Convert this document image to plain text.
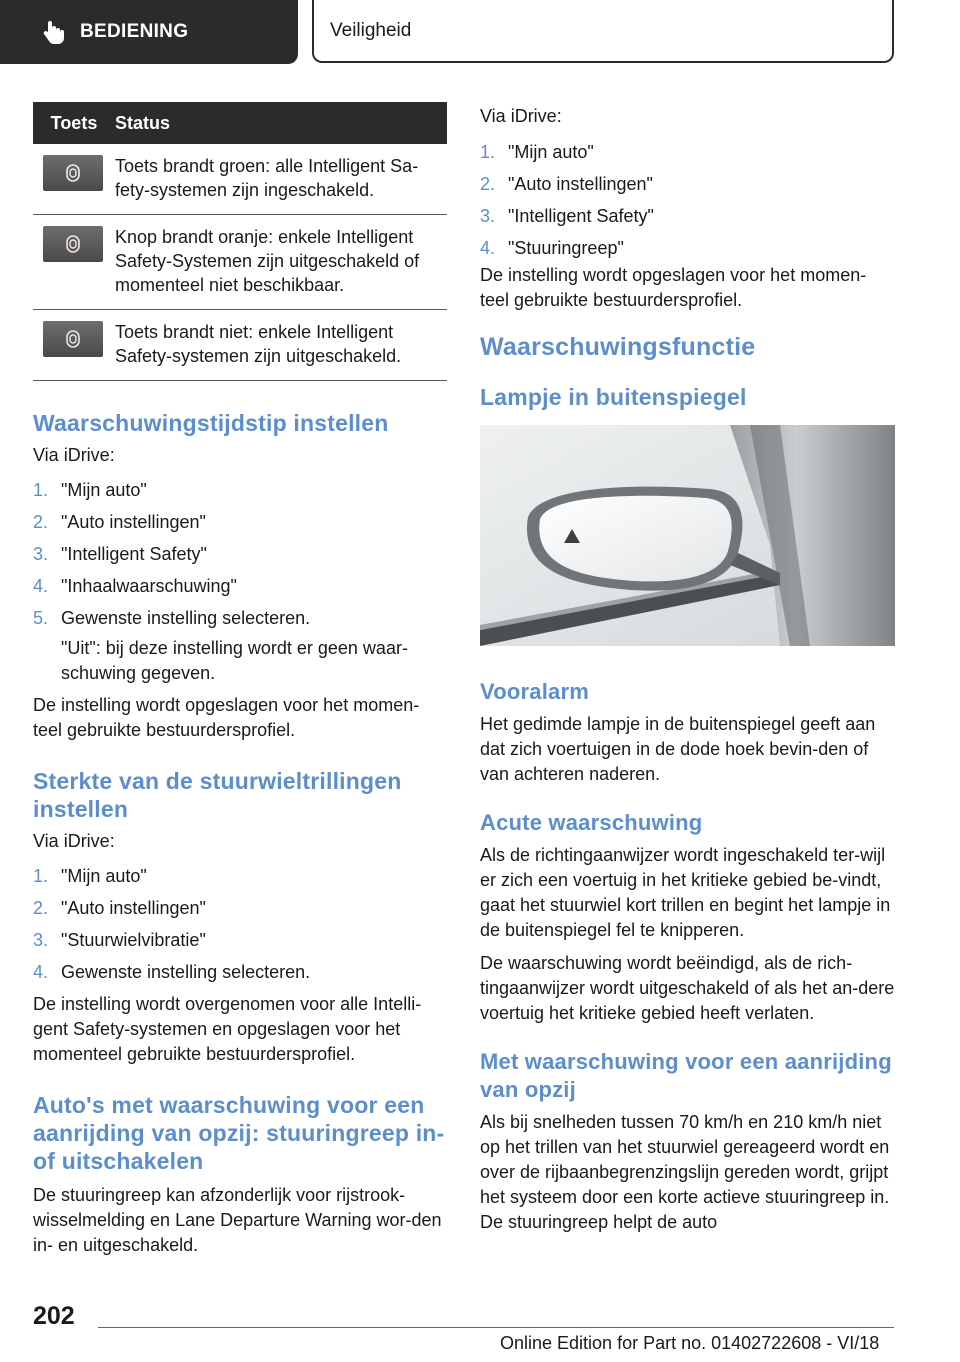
BEDIENING	Veiligheid
Toets	Status

	Toets brandt groen: alle Intelligent Sa-fety-systemen zijn ingeschakeld.

	Knop brandt oranje: enkele Intelligent Safety-Systemen zijn uitgeschakeld of momenteel niet beschikbaar.

	Toets brandt niet: enkele Intelligent Safety-systemen zijn uitgeschakeld.
Waarschuwingstijdstip instellen

Via iDrive:

1. "Mijn auto"
2. "Auto instellingen"
3. "Intelligent Safety"
4. "Inhaalwaarschuwing"
5. Gewenste instelling selecteren.

"Uit": bij deze instelling wordt er geen waar-schuwing gegeven.

De instelling wordt opgeslagen voor het momen-teel gebruikte bestuurdersprofiel.

Sterkte van de stuurwieltrillingen instellen

Via iDrive:

1. "Mijn auto"
2. "Auto instellingen"
3. "Stuurwielvibratie"
4. Gewenste instelling selecteren.

De instelling wordt overgenomen voor alle Intelli-gent Safety-systemen en opgeslagen voor het momenteel gebruikte bestuurdersprofiel.

Auto's met waarschuwing voor een aanrijding van opzij: stuuringreep in- of uitschakelen

De stuuringreep kan afzonderlijk voor rijstrook-wisselmelding en Lane Departure Warning wor-den in- en uitgeschakeld.

Via iDrive:

1. "Mijn auto"
2. "Auto instellingen"
3. "Intelligent Safety"
4. "Stuuringreep"

De instelling wordt opgeslagen voor het momen-teel gebruikte bestuurdersprofiel.

Waarschuwingsfunctie
Lampje in buitenspiegel
Vooralarm

Het gedimde lampje in de buitenspiegel geeft aan dat zich voertuigen in de dode hoek bevin-den of van achteren naderen.

Acute waarschuwing

Als de richtingaanwijzer wordt ingeschakeld ter-wijl er zich een voertuig in het kritieke gebied be-vindt, gaat het stuurwiel kort trillen en begint het lampje in de buitenspiegel fel te knipperen.

De waarschuwing wordt beëindigd, als de rich-tingaanwijzer wordt uitgeschakeld of als het an-dere voertuig het kritieke gebied heeft verlaten.

Met waarschuwing voor een aanrijding van opzij

Als bij snelheden tussen 70 km/h en 210 km/h niet op het trillen van het stuurwiel gereageerd wordt en over de rijbaanbegrenzingslijn gereden wordt, grijpt het systeem door een korte actieve stuuringreep in. De stuuringreep helpt de auto

202
Online Edition for Part no. 01402722608 - VI/18
